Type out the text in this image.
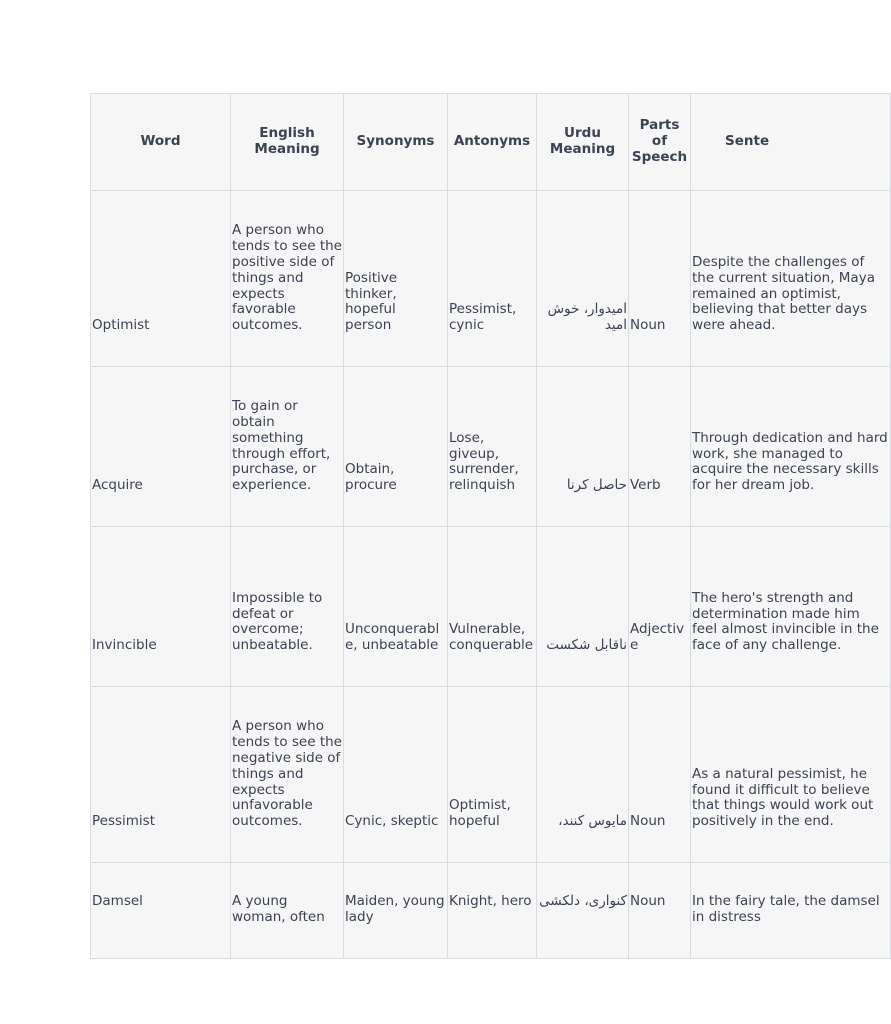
Word	English Meaning	Synonyms	Antonyms	Urdu Meaning	Parts of Speech	Sente
Optimist	A person who tends to see the positive side of things and expects favorable outcomes.	Positive thinker, hopeful person	Pessimist, cynic	امیدوار، خوش امید	Noun	Despite the challenges of the current situation, Maya remained an optimist, believing that better days were ahead.
Acquire	To gain or obtain something through effort, purchase, or experience.	Obtain, procure	Lose, giveup, surrender, relinquish	حاصل کرنا	Verb	Through dedication and hard work, she managed to acquire the necessary skills for her dream job.
Invincible	Impossible to defeat or overcome; unbeatable.	Unconquerable, unbeatable	Vulnerable, conquerable	ناقابل شکست	Adjective	The hero's strength and determination made him feel almost invincible in the face of any challenge.
Pessimist	A person who tends to see the negative side of things and expects unfavorable outcomes.	Cynic, skeptic	Optimist, hopeful	مایوس کنند،	Noun	As a natural pessimist, he found it difficult to believe that things would work out positively in the end.
Damsel	A young woman, often	Maiden, young lady	Knight, hero	کنواری، دلکشی	Noun	In the fairy tale, the damsel in distress
